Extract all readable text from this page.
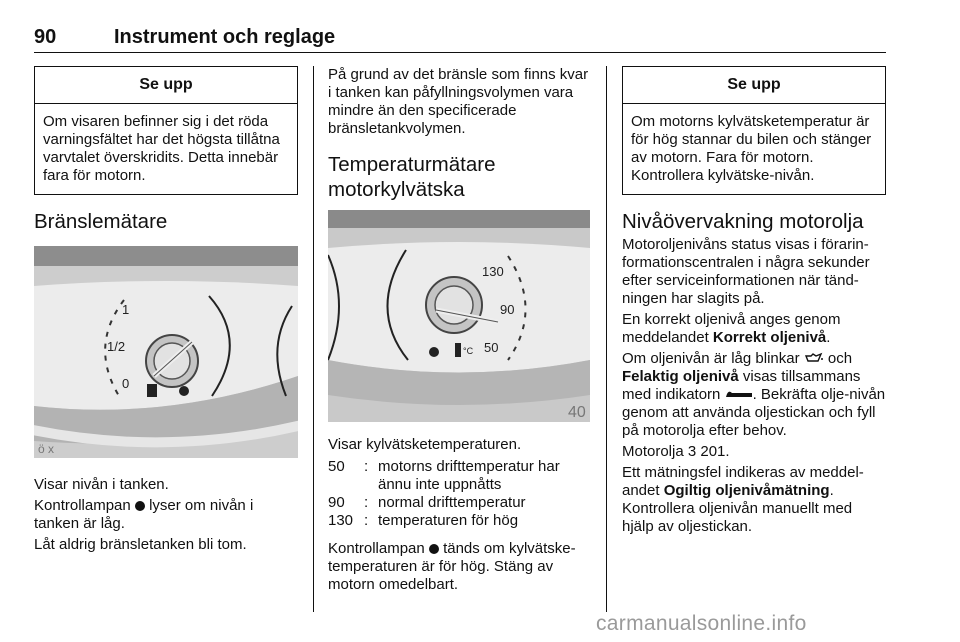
90	Instrument och reglage
Se upp
Om visaren befinner sig i det röda varningsfältet har det högsta tillåtna varvtalet överskridits. Detta innebär fara för motorn.
Bränslemätare
1
1/2
0
ö x

Visar nivån i tanken.

Kontrollampan  lyser om nivån i tanken är låg.

Låt aldrig bränsletanken bli tom.

På grund av det bränsle som finns kvar i tanken kan påfyllningsvolymen vara mindre än den specificerade bränsletankvolymen.

Temperaturmätare motorkylvätska
130
90
50
°C
40

Visar kylvätsketemperaturen.

50	:	motorns drifttemperatur har ännu inte uppnåtts
90	:	normal drifttemperatur
130	:	temperaturen för hög

Kontrollampan  tänds om kylvätske-temperaturen är för hög. Stäng av motorn omedelbart.

Se upp
Om motorns kylvätsketemperatur är för hög stannar du bilen och stänger av motorn. Fara för motorn. Kontrollera kylvätske-nivån.
Nivåövervakning motorolja

Motoroljenivåns status visas i förarin-formationscentralen i några sekunder efter serviceinformationen när tänd-ningen har slagits på.

En korrekt oljenivå anges genom meddelandet Korrekt oljenivå.

Om oljenivån är låg blinkar  och Felaktig oljenivå visas tillsammans med indikatorn . Bekräfta olje-nivån genom att använda oljestickan och fyll på motorolja efter behov.

Motorolja 3 201.

Ett mätningsfel indikeras av meddel-andet Ogiltig oljenivåmätning.

Kontrollera oljenivån manuellt med hjälp av oljestickan.

carmanualsonline.info
